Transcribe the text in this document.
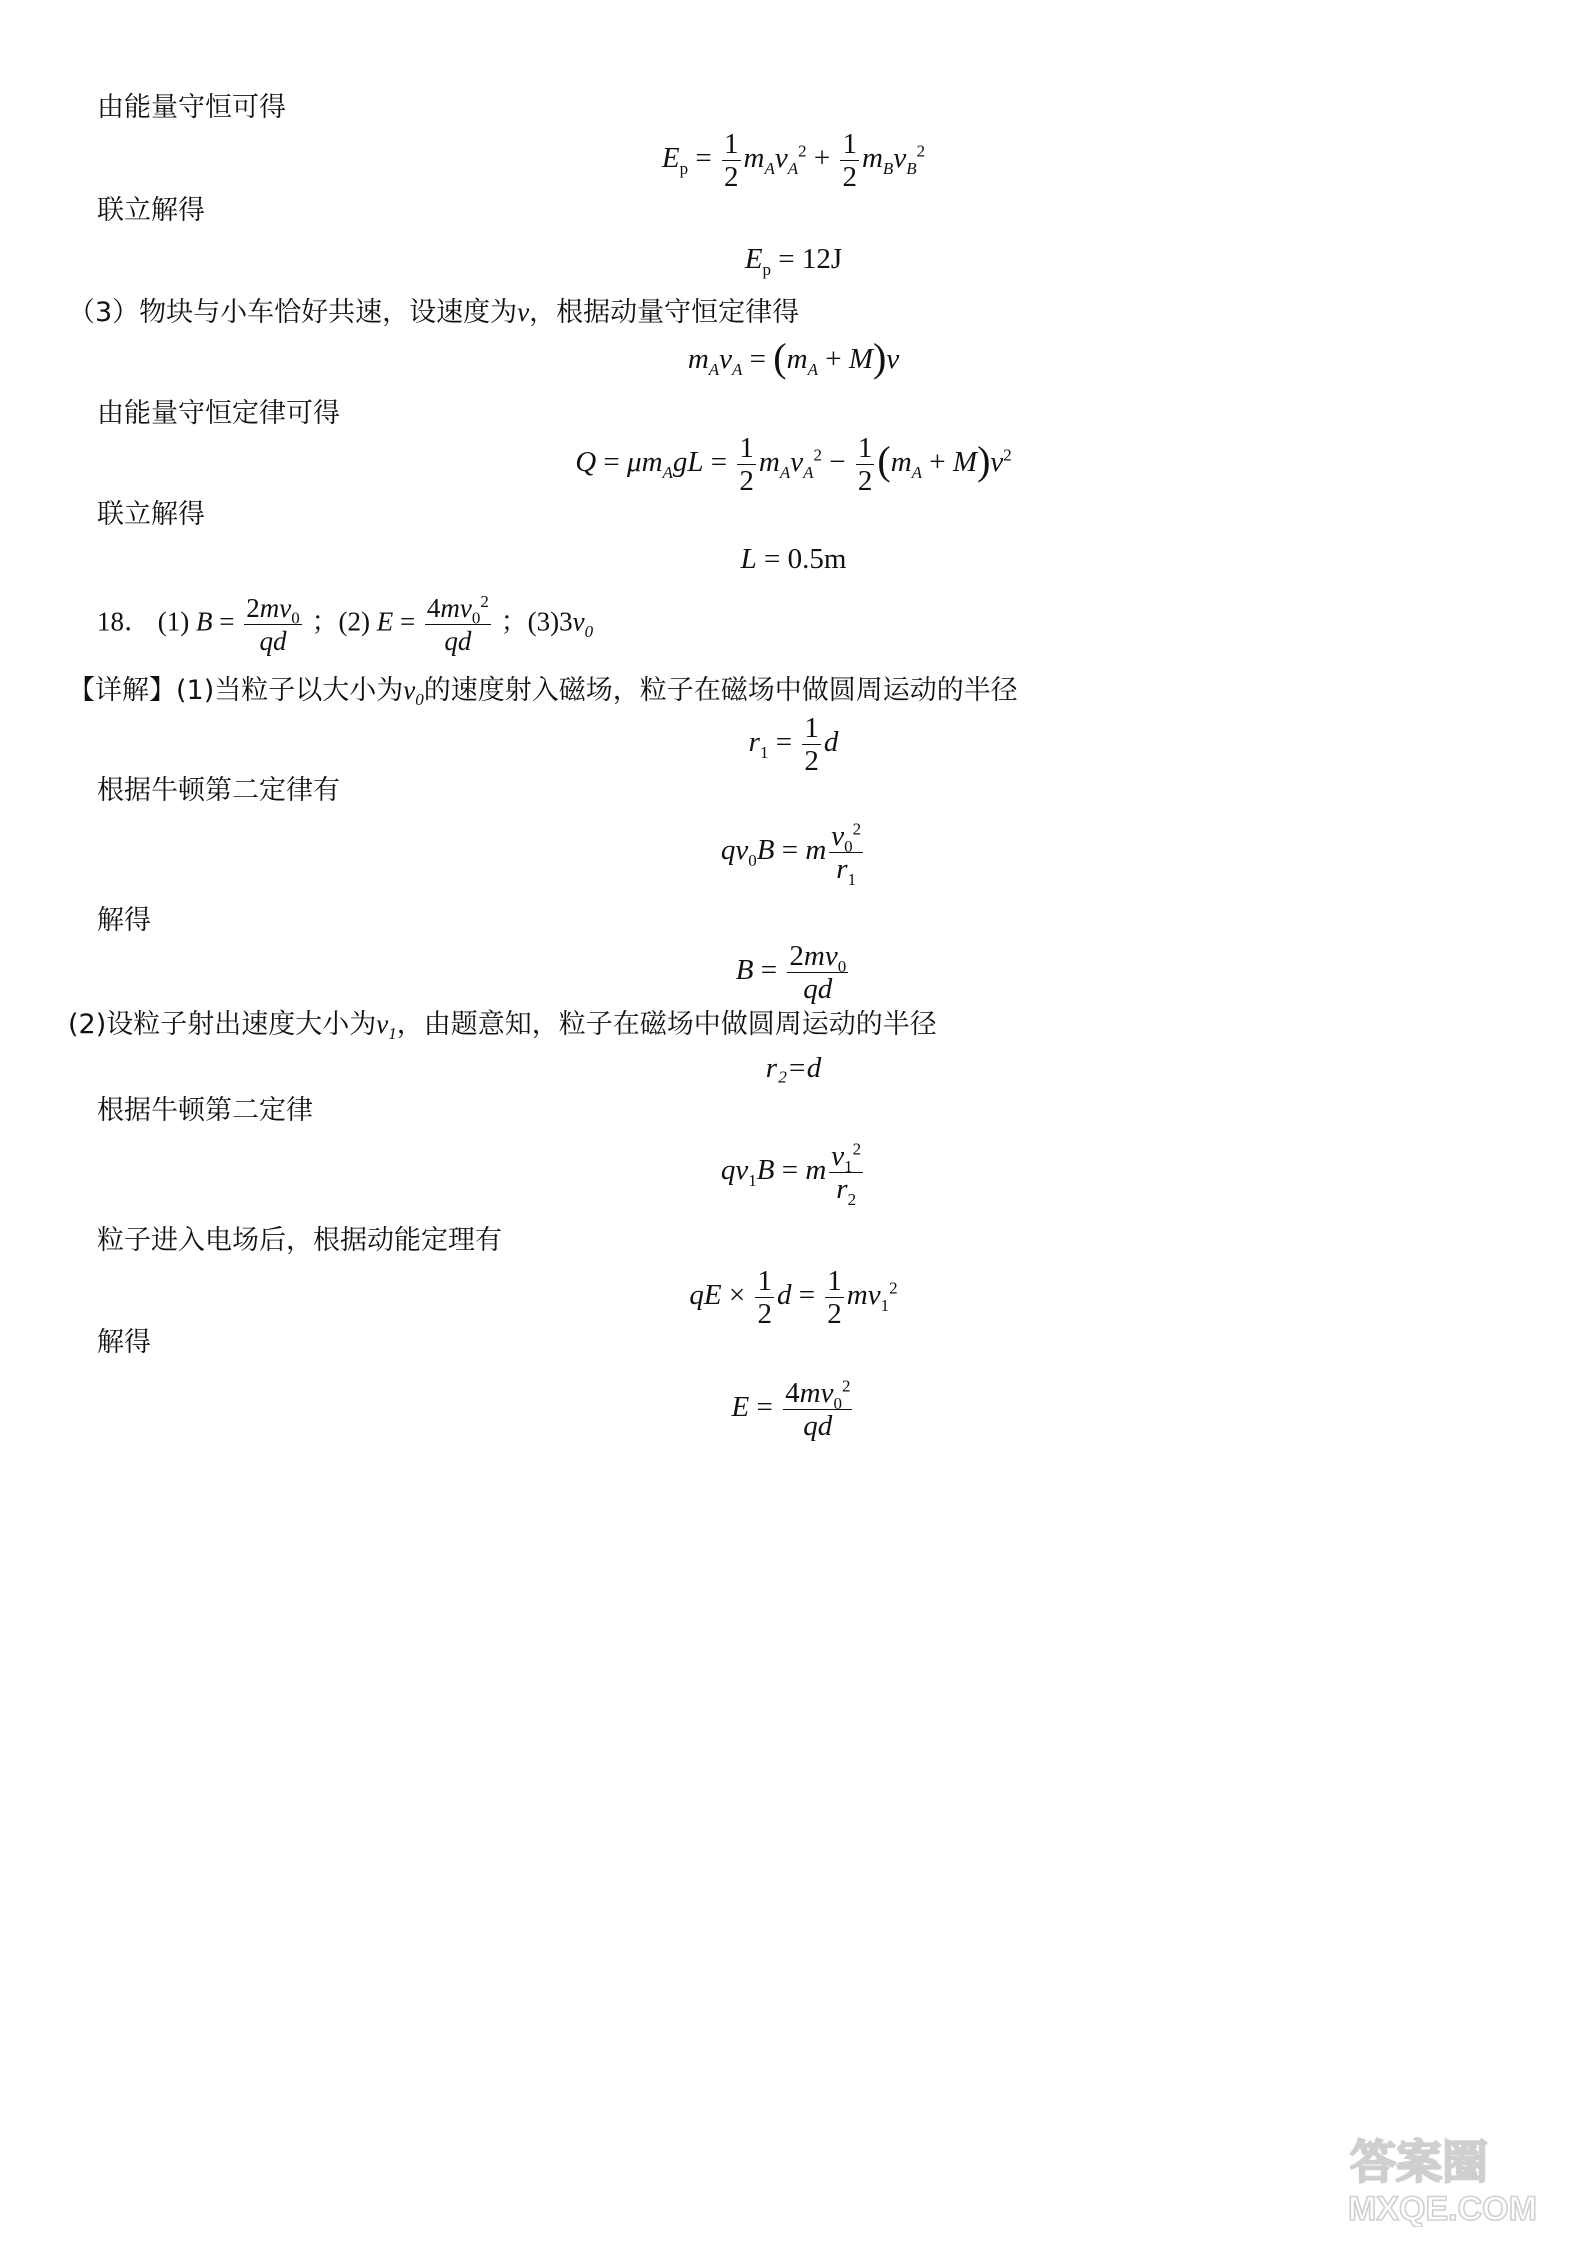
由能量守恒可得
$E_p = \frac{1}{2} m_Av_A^2 + \frac{1}{2} m_Bv_B^2$
联立解得
$E_p = 12J$
（3）物块与小车恰好共速，设速度为v，根据动量守恒定律得
$m_Av_A = (m_A + M)v$
由能量守恒定律可得
$Q = \mu m_AgL = \frac{1}{2} m_Av_A^2 - \frac{1}{2} (m_A + M)v^2$
联立解得
L = 0.5m
18． (1) $B = \frac{2mv_0}{qd}$ ；(2) $E = \frac{4mv_0^2}{qd}$ ；$(3)3v_0$
【详解】(1)当粒子以大小为$v_0$的速度射入磁场，粒子在磁场中做圆周运动的半径
$r_1 = \frac{1}{2}$ d
根据牛顿第二定律有
$qv_0B = m \frac{v_0^2}{r_1}$
解得
$B = \frac{2mv_0}{qd}$
(2)设粒子射出速度大小为$v_1$，由题意知，粒子在磁场中做圆周运动的半径
r₂=d
根据牛顿第二定律
$qv_1B = m \frac{v_1^2}{r_2}$
粒子进入电场后，根据动能定理有
qE × $\frac{1}{2}$ $d = \frac{1}{2} mv_1^2$
解得
$E = \frac{4mv_0^2}{qd}$
答案圈
MXQE.COM
